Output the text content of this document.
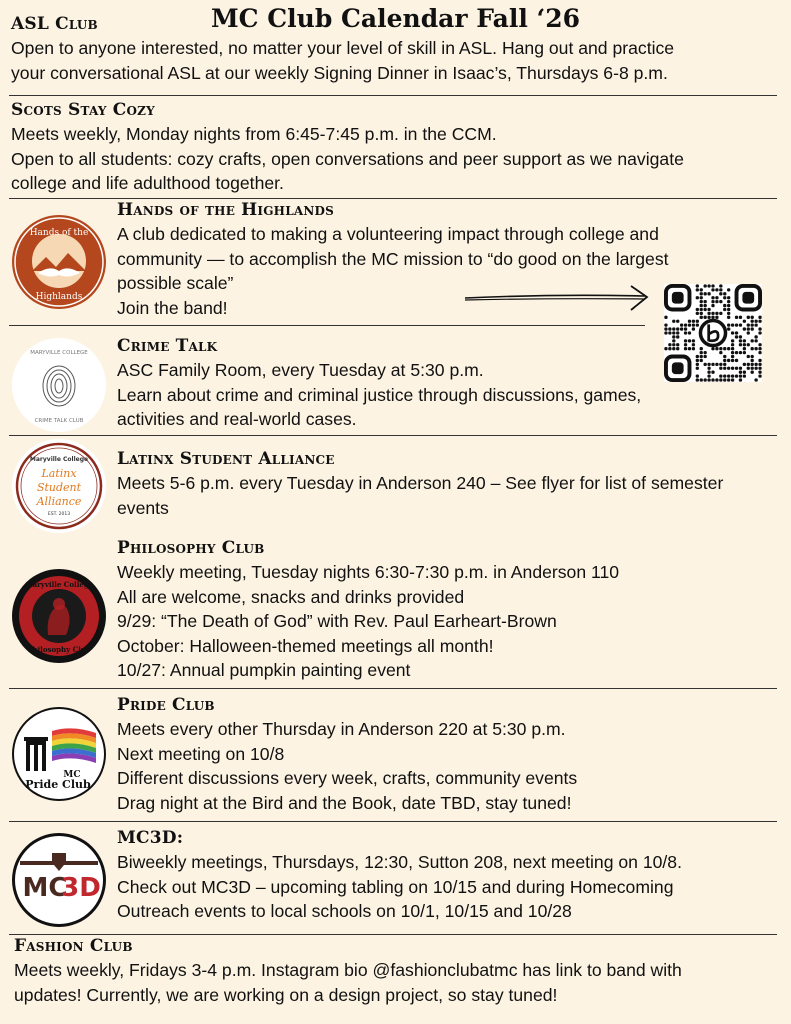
MC Club Calendar Fall ‘26
ASL Club
Open to anyone interested, no matter your level of skill in ASL. Hang out and practice
your conversational ASL at our weekly Signing Dinner in Isaac’s, Thursdays 6-8 p.m.
Scots Stay Cozy
Meets weekly, Monday nights from 6:45-7:45 p.m. in the CCM.
Open to all students: cozy crafts, open conversations and peer support as we navigate
college and life adulthood together.
Hands of the
Highlands
Hands of the Highlands
A club dedicated to making a volunteering impact through college and
community — to accomplish the MC mission to “do good on the largest
possible scale”
Join the band!
MARYVILLE COLLEGE
CRIME TALK CLUB
Crime Talk
ASC Family Room, every Tuesday at 5:30 p.m.
Learn about crime and criminal justice through discussions, games,
activities and real-world cases.
Maryville College
Latinx
Student
Alliance
EST. 2013
Latinx Student Alliance
Meets 5-6 p.m. every Tuesday in Anderson 240 – See flyer for list of semester
events
Maryville College
Philosophy Club
Philosophy Club
Weekly meeting, Tuesday nights 6:30-7:30 p.m. in Anderson 110
All are welcome, snacks and drinks provided
9/29: “The Death of God” with Rev. Paul Earheart-Brown
October: Halloween-themed meetings all month!
10/27: Annual pumpkin painting event
MC
Pride Club
Pride Club
Meets every other Thursday in Anderson 220 at 5:30 p.m.
Next meeting on 10/8
Different discussions every week, crafts, community events
Drag night at the Bird and the Book, date TBD, stay tuned!
MC
3D
MC3D:
Biweekly meetings, Thursdays, 12:30, Sutton 208, next meeting on 10/8.
Check out MC3D – upcoming tabling on 10/15 and during Homecoming
Outreach events to local schools on 10/1, 10/15 and 10/28
Fashion Club
Meets weekly, Fridays 3-4 p.m. Instagram bio @fashionclubatmc has link to band with
updates! Currently, we are working on a design project, so stay tuned!
